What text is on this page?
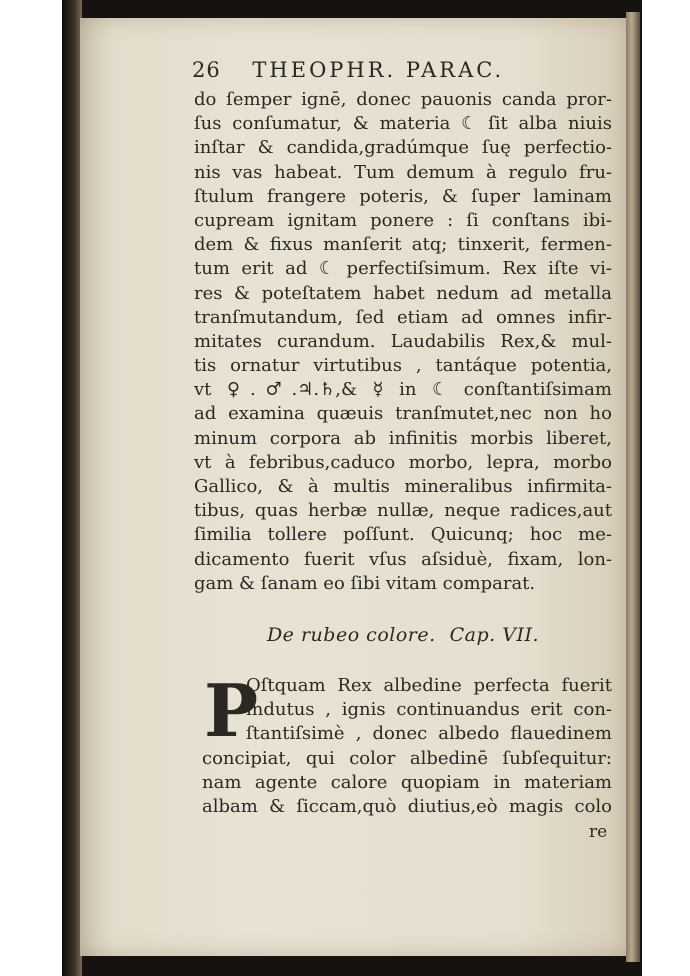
26 THEOPHR. PARAC.
do ſemper ignē, donec pauonis canda pror-
ſus conſumatur, & materia ☾ ſit alba niuis
inſtar & candida,gradúmque ſuę perfectio-
nis vas habeat. Tum demum à regulo fru-
ſtulum frangere poteris, & ſuper laminam
cupream ignitam ponere : ſi conſtans ibi-
dem & fixus manſerit atq; tinxerit, fermen-
tum erit ad ☾ perfectiſsimum. Rex iſte vi-
res & poteſtatem habet nedum ad metalla
tranſmutandum, ſed etiam ad omnes infir-
mitates curandum. Laudabilis Rex,& mul-
tis ornatur virtutibus , tantáque potentia,
vt ♀.♂.♃.♄,& ☿ in ☾ conſtantiſsimam
ad examina quæuis tranſmutet,nec non ho
minum corpora ab infinitis morbis liberet,
vt à febribus,caduco morbo, lepra, morbo
Gallico, & à multis mineralibus infirmita-
tibus, quas herbæ nullæ, neque radices,aut
ſimilia tollere poſſunt. Quicunq; hoc me-
dicamento fuerit vſus aſsiduè, fixam, lon-
gam & ſanam eo ſibi vitam comparat.
De rubeo colore. Cap. VII.
P
Oſtquam Rex albedine perfecta fuerit
indutus , ignis continuandus erit con-
ſtantiſsimè , donec albedo flauedinem
concipiat, qui color albedinē ſubſequitur:
nam agente calore quopiam in materiam
albam & ſiccam,quò diutius,eò magis colo
re
